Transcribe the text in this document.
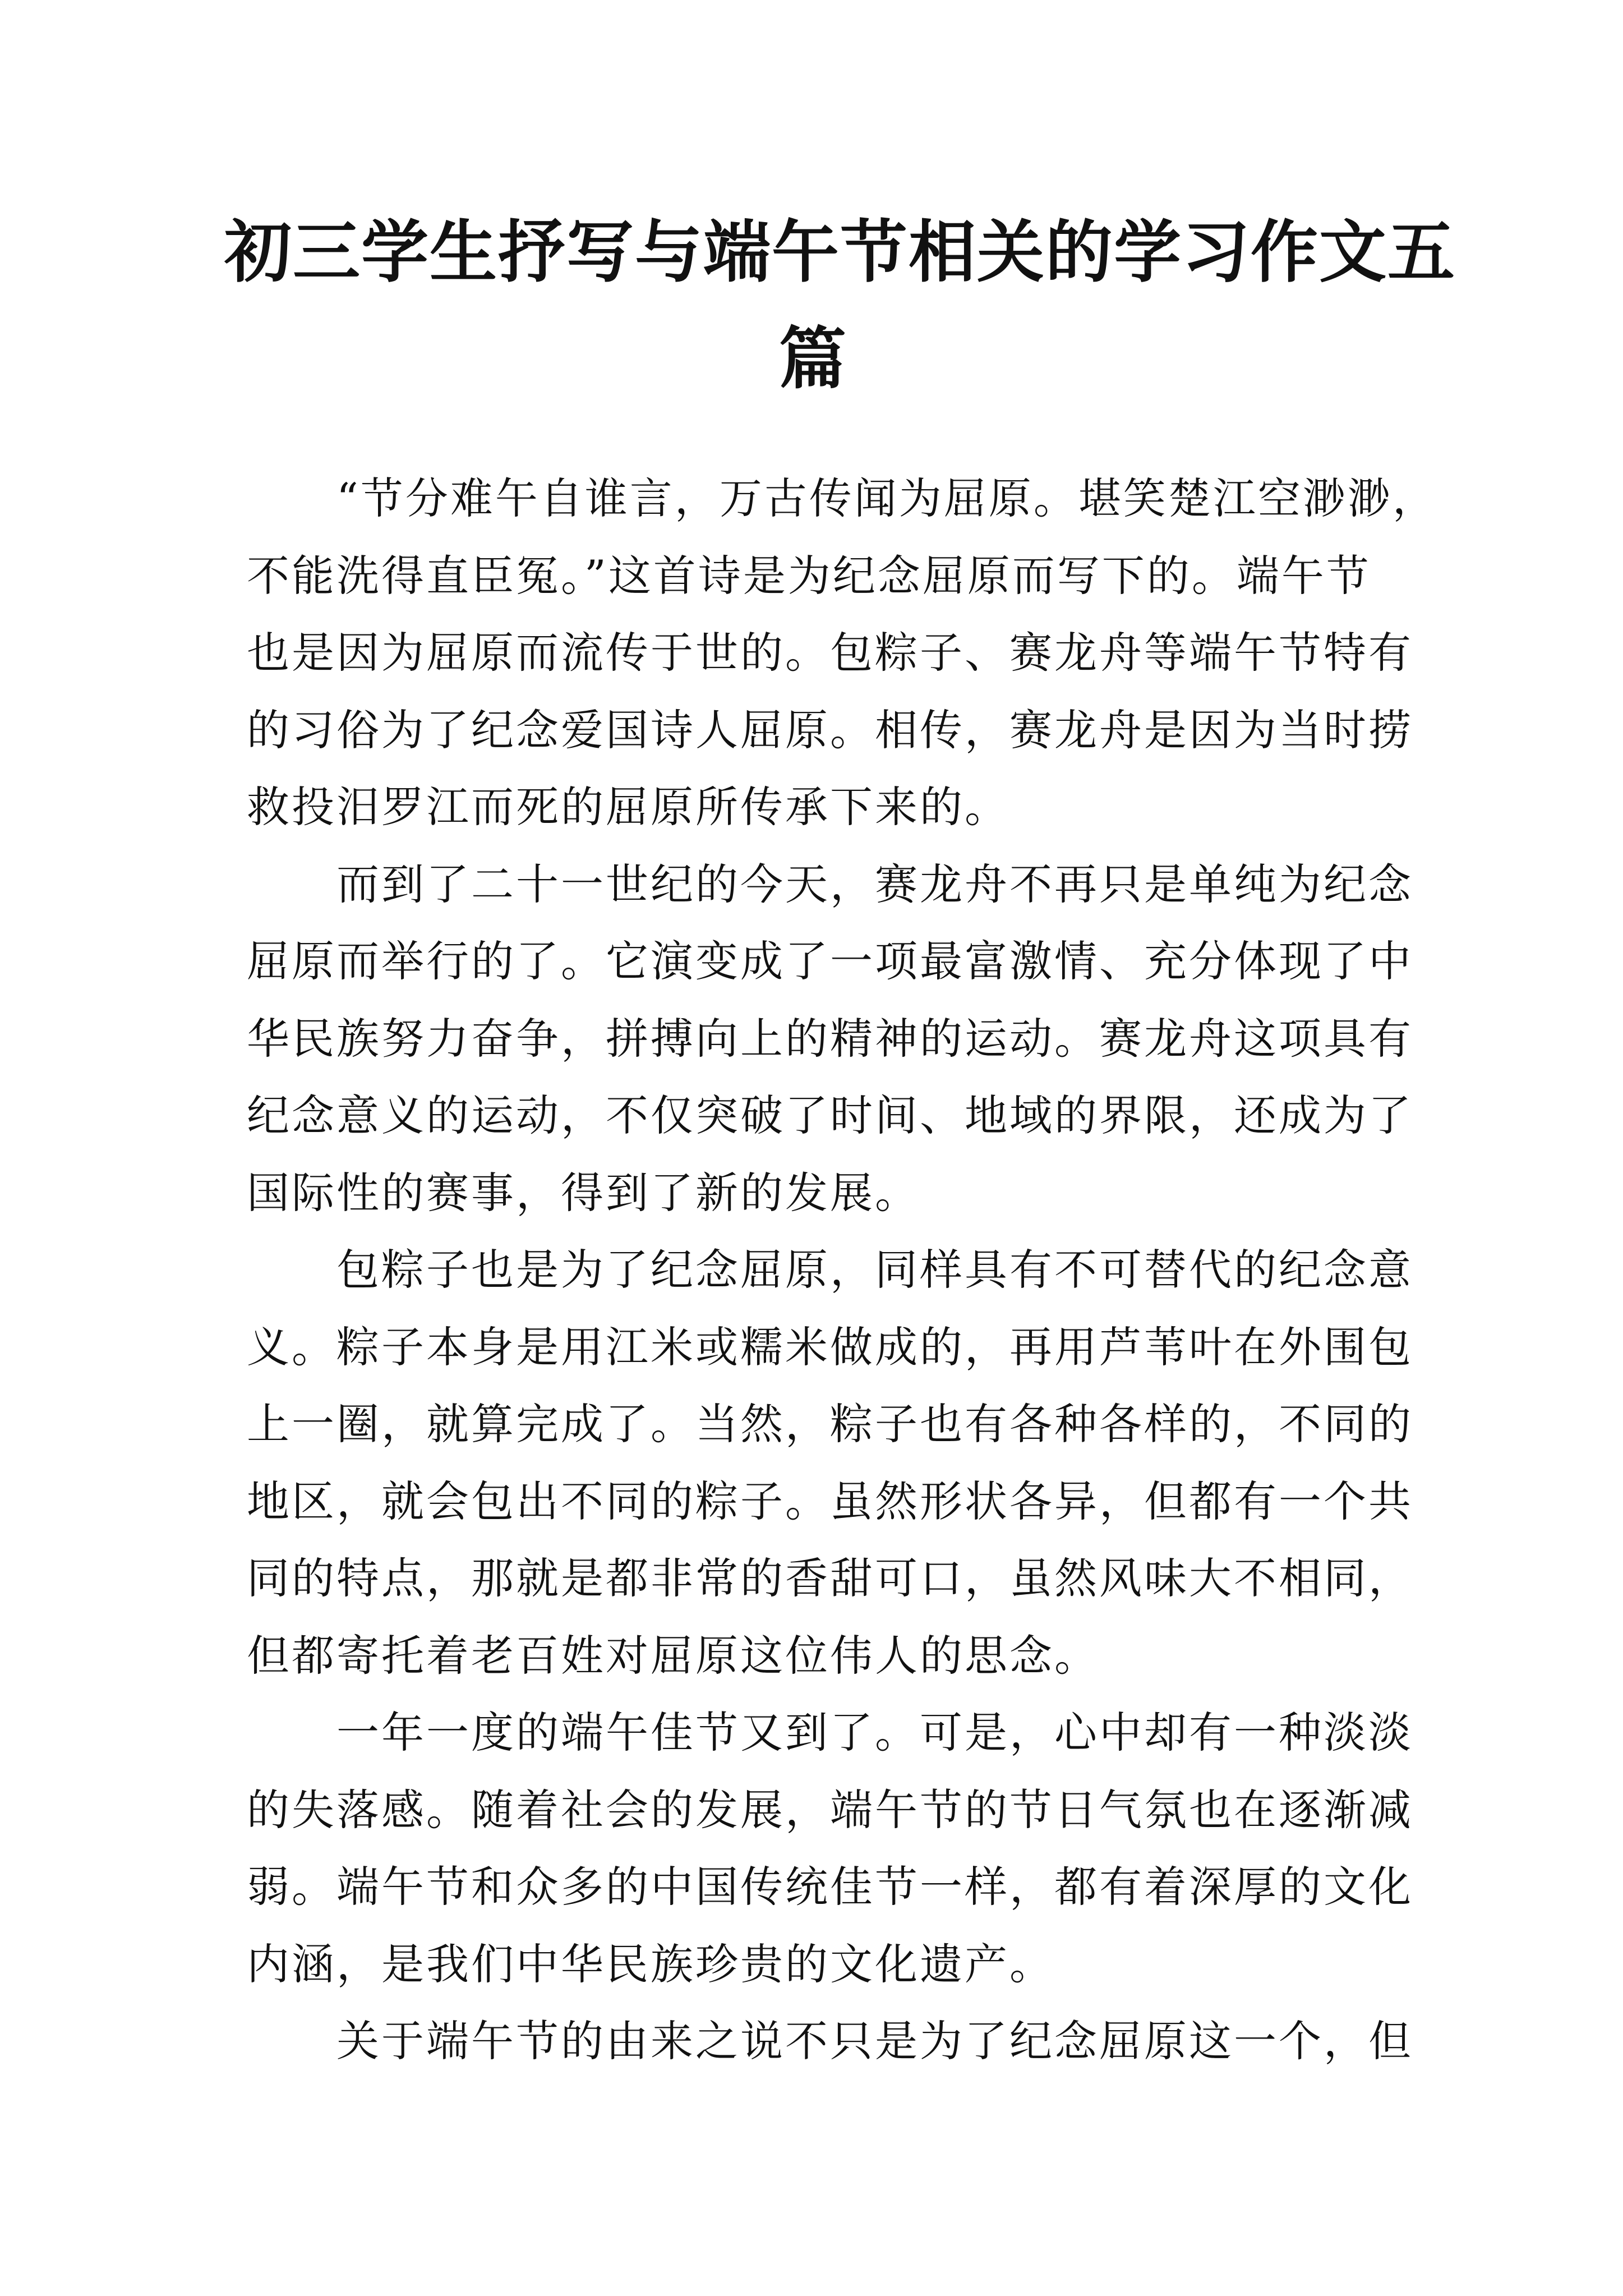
初三学生抒写与端午节相关的学习作文五
篇
　　“节分难午自谁言，万古传闻为屈原。堪笑楚江空渺渺，
不能洗得直臣冤。”这首诗是为纪念屈原而写下的。端午节
也是因为屈原而流传于世的。包粽子、赛龙舟等端午节特有
的习俗为了纪念爱国诗人屈原。相传，赛龙舟是因为当时捞
救投汨罗江而死的屈原所传承下来的。
　　而到了二十一世纪的今天，赛龙舟不再只是单纯为纪念
屈原而举行的了。它演变成了一项最富激情、充分体现了中
华民族努力奋争，拼搏向上的精神的运动。赛龙舟这项具有
纪念意义的运动，不仅突破了时间、地域的界限，还成为了
国际性的赛事，得到了新的发展。
　　包粽子也是为了纪念屈原，同样具有不可替代的纪念意
义。粽子本身是用江米或糯米做成的，再用芦苇叶在外围包
上一圈，就算完成了。当然，粽子也有各种各样的，不同的
地区，就会包出不同的粽子。虽然形状各异，但都有一个共
同的特点，那就是都非常的香甜可口，虽然风味大不相同，
但都寄托着老百姓对屈原这位伟人的思念。
　　一年一度的端午佳节又到了。可是，心中却有一种淡淡
的失落感。随着社会的发展，端午节的节日气氛也在逐渐减
弱。端午节和众多的中国传统佳节一样，都有着深厚的文化
内涵，是我们中华民族珍贵的文化遗产。
　　关于端午节的由来之说不只是为了纪念屈原这一个，但
